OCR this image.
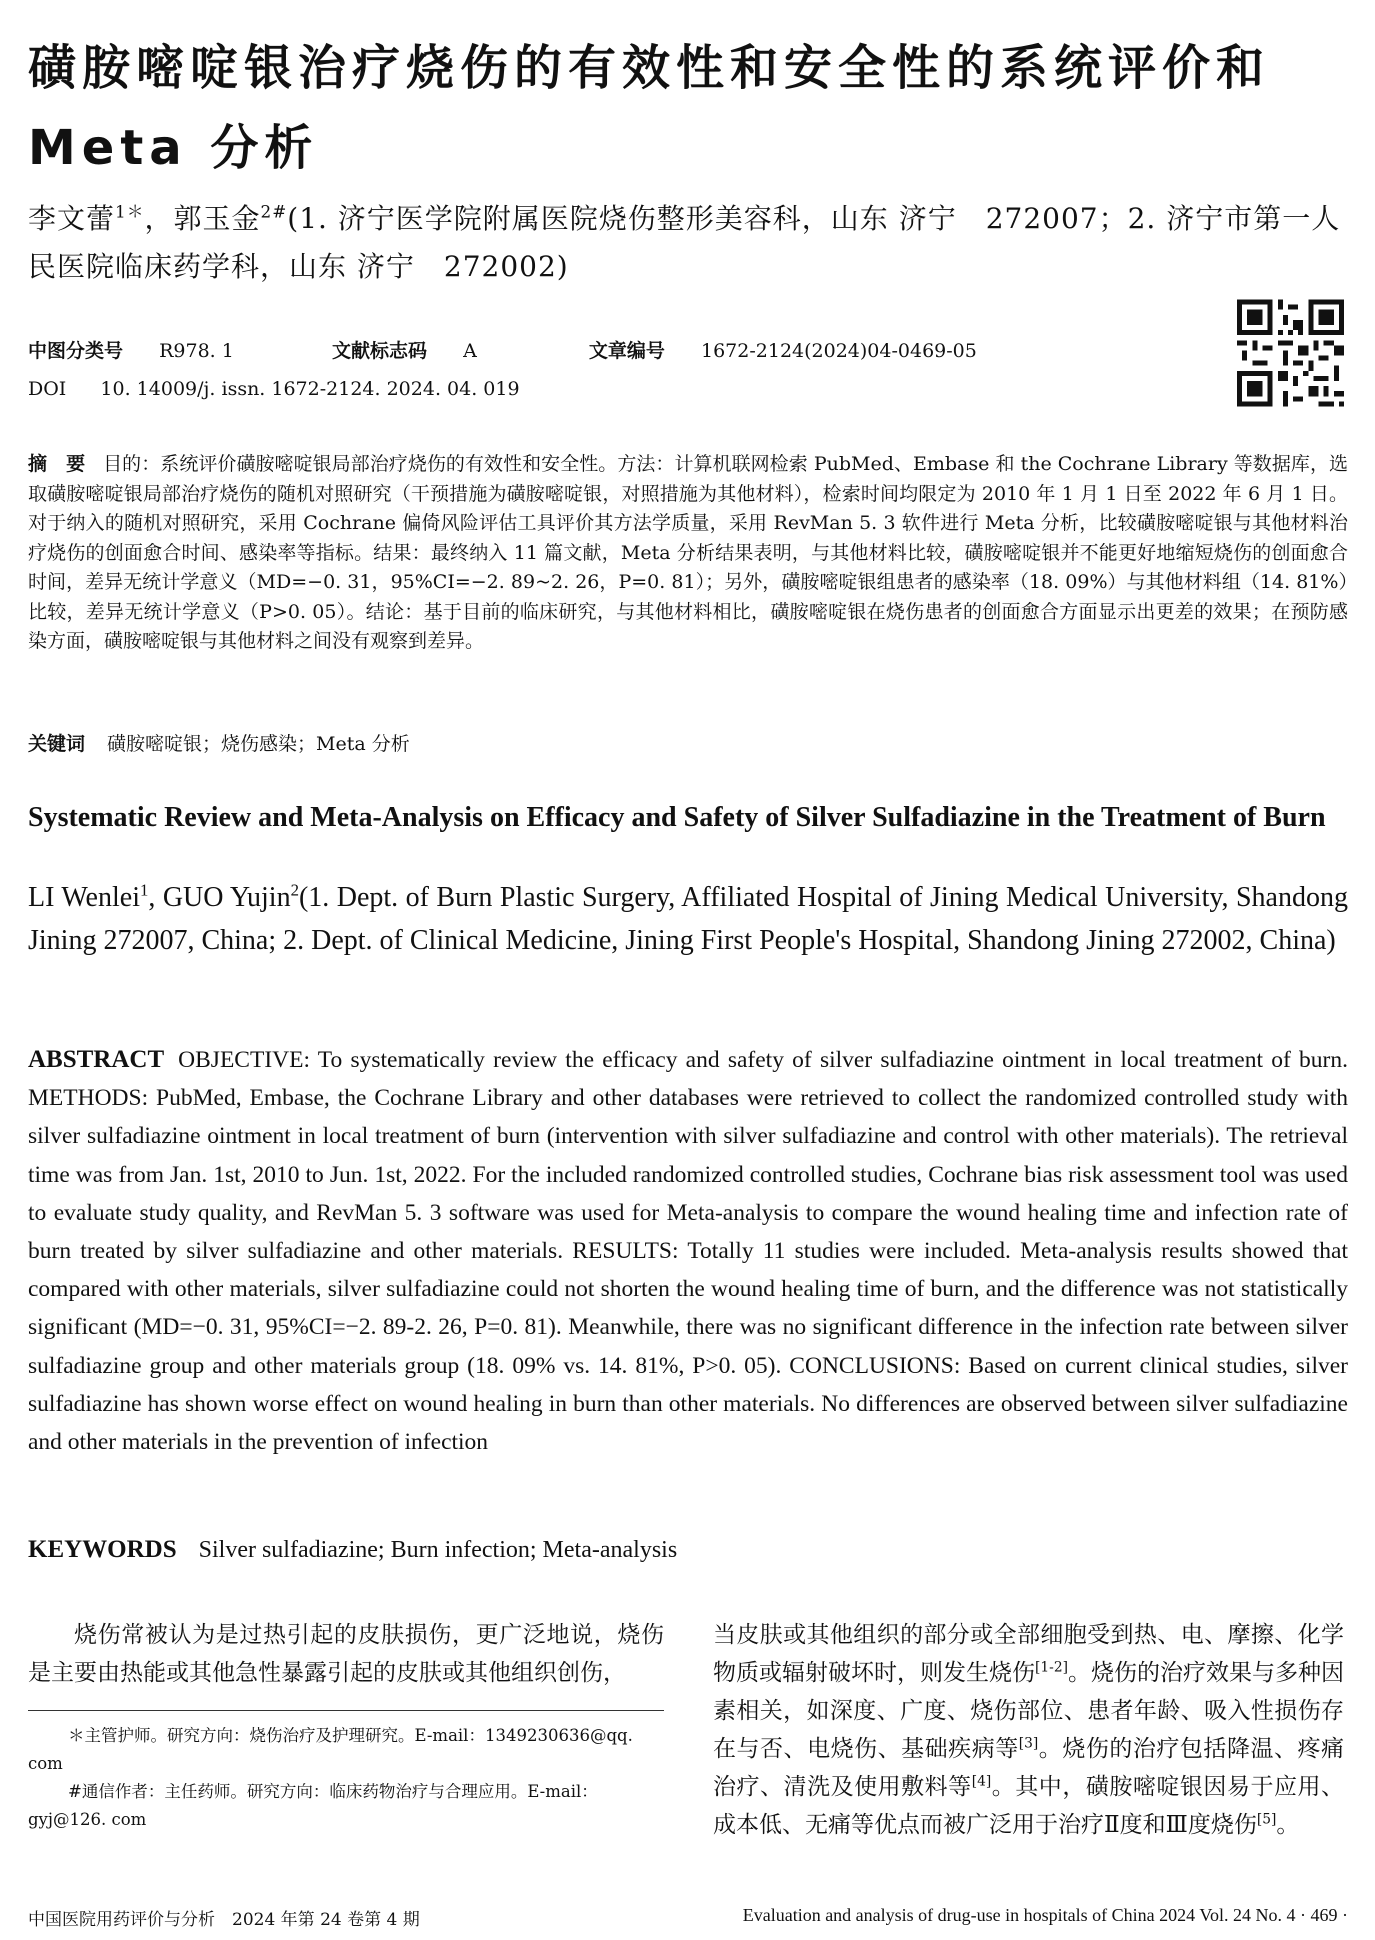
磺胺嘧啶银治疗烧伤的有效性和安全性的系统评价和 Meta 分析
李文蕾$^{1*}$，郭玉金$^{2\#}$(1. 济宁医学院附属医院烧伤整形美容科，山东 济宁　272007；2. 济宁市第一人民医院临床药学科，山东 济宁　272002)
中图分类号 R978. 1	文献标志码 A	文章编号 1672-2124(2024)04-0469-05
DOI 10. 14009/j. issn. 1672-2124. 2024. 04. 019
摘　要 目的：系统评价磺胺嘧啶银局部治疗烧伤的有效性和安全性。方法：计算机联网检索 PubMed、Embase 和 the Cochrane Library 等数据库，选取磺胺嘧啶银局部治疗烧伤的随机对照研究（干预措施为磺胺嘧啶银，对照措施为其他材料），检索时间均限定为 2010 年 1 月 1 日至 2022 年 6 月 1 日。对于纳入的随机对照研究，采用 Cochrane 偏倚风险评估工具评价其方法学质量，采用 RevMan 5. 3 软件进行 Meta 分析，比较磺胺嘧啶银与其他材料治疗烧伤的创面愈合时间、感染率等指标。结果：最终纳入 11 篇文献，Meta 分析结果表明，与其他材料比较，磺胺嘧啶银并不能更好地缩短烧伤的创面愈合时间，差异无统计学意义（MD=−0. 31，95%CI=−2. 89~2. 26，P=0. 81）；另外，磺胺嘧啶银组患者的感染率（18. 09%）与其他材料组（14. 81%）比较，差异无统计学意义（P>0. 05）。结论：基于目前的临床研究，与其他材料相比，磺胺嘧啶银在烧伤患者的创面愈合方面显示出更差的效果；在预防感染方面，磺胺嘧啶银与其他材料之间没有观察到差异。
关键词 磺胺嘧啶银；烧伤感染；Meta 分析
Systematic Review and Meta-Analysis on Efficacy and Safety of Silver Sulfadiazine in the Treatment of Burn
LI Wenlei$^1$, GUO Yujin$^2$(1. Dept. of Burn Plastic Surgery, Affiliated Hospital of Jining Medical University, Shandong Jining 272007, China; 2. Dept. of Clinical Medicine, Jining First People's Hospital, Shandong Jining 272002, China)
ABSTRACT OBJECTIVE: To systematically review the efficacy and safety of silver sulfadiazine ointment in local treatment of burn. METHODS: PubMed, Embase, the Cochrane Library and other databases were retrieved to collect the randomized controlled study with silver sulfadiazine ointment in local treatment of burn (intervention with silver sulfadiazine and control with other materials). The retrieval time was from Jan. 1st, 2010 to Jun. 1st, 2022. For the included randomized controlled studies, Cochrane bias risk assessment tool was used to evaluate study quality, and RevMan 5. 3 software was used for Meta-analysis to compare the wound healing time and infection rate of burn treated by silver sulfadiazine and other materials. RESULTS: Totally 11 studies were included. Meta-analysis results showed that compared with other materials, silver sulfadiazine could not shorten the wound healing time of burn, and the difference was not statistically significant (MD=−0. 31, 95%CI=−2. 89-2. 26, P=0. 81). Meanwhile, there was no significant difference in the infection rate between silver sulfadiazine group and other materials group (18. 09% vs. 14. 81%, P>0. 05). CONCLUSIONS: Based on current clinical studies, silver sulfadiazine has shown worse effect on wound healing in burn than other materials. No differences are observed between silver sulfadiazine and other materials in the prevention of infection
KEYWORDS Silver sulfadiazine; Burn infection; Meta-analysis
烧伤常被认为是过热引起的皮肤损伤，更广泛地说，烧伤是主要由热能或其他急性暴露引起的皮肤或其他组织创伤，
当皮肤或其他组织的部分或全部细胞受到热、电、摩擦、化学物质或辐射破坏时，则发生烧伤[1-2]。烧伤的治疗效果与多种因素相关，如深度、广度、烧伤部位、患者年龄、吸入性损伤存在与否、电烧伤、基础疾病等[3]。烧伤的治疗包括降温、疼痛治疗、清洗及使用敷料等[4]。其中，磺胺嘧啶银因易于应用、成本低、无痛等优点而被广泛用于治疗Ⅱ度和Ⅲ度烧伤[5]。

＊主管护师。研究方向：烧伤治疗及护理研究。E-mail：1349230636@qq. com

#通信作者：主任药师。研究方向：临床药物治疗与合理应用。E-mail：gyj@126. com

中国医院用药评价与分析　2024 年第 24 卷第 4 期	Evaluation and analysis of drug-use in hospitals of China 2024 Vol. 24 No. 4 · 469 ·
